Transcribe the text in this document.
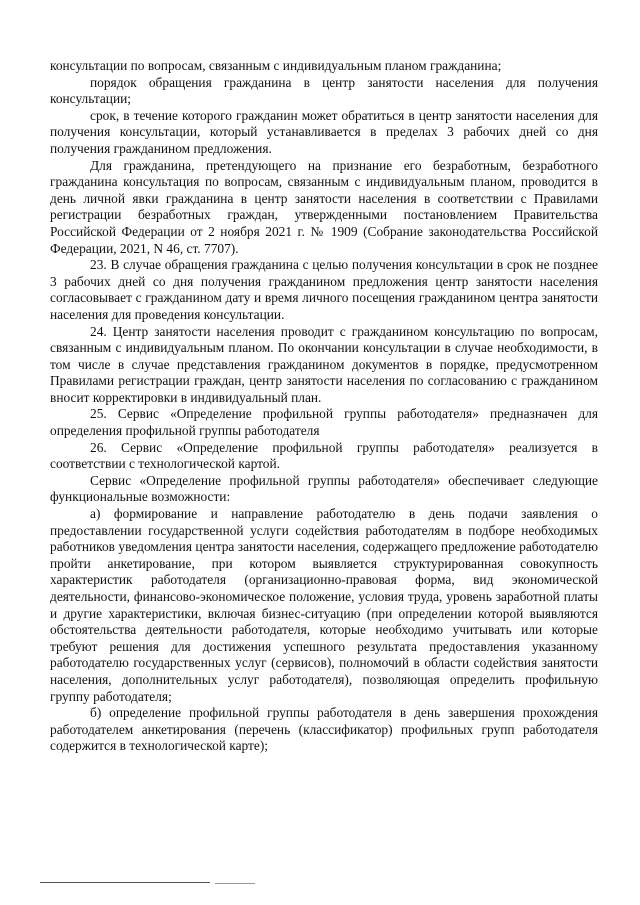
консультации по вопросам, связанным с индивидуальным планом гражданина;

порядок обращения гражданина в центр занятости населения для получения консультации;

срок, в течение которого гражданин может обратиться в центр занятости населения для получения консультации, который устанавливается в пределах 3 рабочих дней со дня получения гражданином предложения.

Для гражданина, претендующего на признание его безработным, безработного гражданина консультация по вопросам, связанным с индивидуальным планом, проводится в день личной явки гражданина в центр занятости населения в соответствии с Правилами регистрации безработных граждан, утвержденными постановлением Правительства Российской Федерации от 2 ноября 2021 г. № 1909 (Собрание законодательства Российской Федерации, 2021, N 46, ст. 7707).

23. В случае обращения гражданина с целью получения консультации в срок не позднее 3 рабочих дней со дня получения гражданином предложения центр занятости населения согласовывает с гражданином дату и время личного посещения гражданином центра занятости населения для проведения консультации.

24. Центр занятости населения проводит с гражданином консультацию по вопросам, связанным с индивидуальным планом. По окончании консультации в случае необходимости, в том числе в случае представления гражданином документов в порядке, предусмотренном Правилами регистрации граждан, центр занятости населения по согласованию с гражданином вносит корректировки в индивидуальный план.

25. Сервис «Определение профильной группы работодателя» предназначен для определения профильной группы работодателя

26. Сервис «Определение профильной группы работодателя» реализуется в соответствии с технологической картой.

Сервис «Определение профильной группы работодателя» обеспечивает следующие функциональные возможности:

а) формирование и направление работодателю в день подачи заявления о предоставлении государственной услуги содействия работодателям в подборе необходимых работников уведомления центра занятости населения, содержащего предложение работодателю пройти анкетирование, при котором выявляется структурированная совокупность характеристик работодателя (организационно-правовая форма, вид экономической деятельности, финансово-экономическое положение, условия труда, уровень заработной платы и другие характеристики, включая бизнес-ситуацию (при определении которой выявляются обстоятельства деятельности работодателя, которые необходимо учитывать или которые требуют решения для достижения успешного результата предоставления указанному работодателю государственных услуг (сервисов), полномочий в области содействия занятости населения, дополнительных услуг работодателя), позволяющая определить профильную группу работодателя;

б) определение профильной группы работодателя в день завершения прохождения работодателем анкетирования (перечень (классификатор) профильных групп работодателя содержится в технологической карте);
